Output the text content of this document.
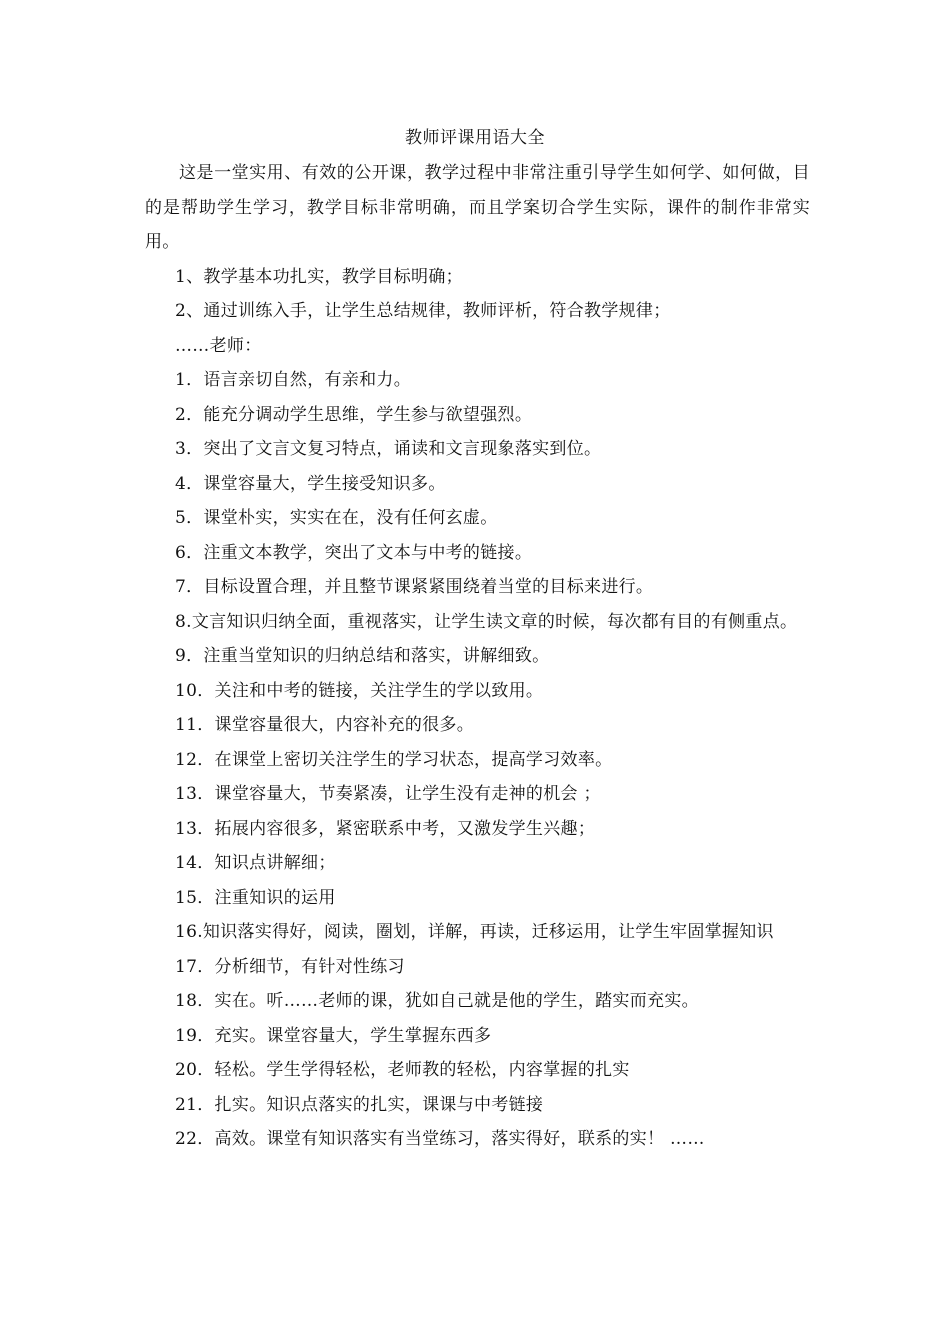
教师评课用语大全

这是一堂实用、有效的公开课，教学过程中非常注重引导学生如何学、如何做，目的是帮助学生学习，教学目标非常明确，而且学案切合学生实际，课件的制作非常实用。

1、教学基本功扎实，教学目标明确；

2、通过训练入手，让学生总结规律，教师评析，符合教学规律；

……老师：

1．语言亲切自然，有亲和力。

2．能充分调动学生思维，学生参与欲望强烈。

3．突出了文言文复习特点，诵读和文言现象落实到位。

4．课堂容量大，学生接受知识多。

5．课堂朴实，实实在在，没有任何玄虚。

6．注重文本教学，突出了文本与中考的链接。

7．目标设置合理，并且整节课紧紧围绕着当堂的目标来进行。

8.文言知识归纳全面，重视落实，让学生读文章的时候，每次都有目的有侧重点。

9．注重当堂知识的归纳总结和落实，讲解细致。

10．关注和中考的链接，关注学生的学以致用。

11．课堂容量很大，内容补充的很多。

12．在课堂上密切关注学生的学习状态，提高学习效率。

13．课堂容量大，节奏紧凑，让学生没有走神的机会 ；

13．拓展内容很多，紧密联系中考，又激发学生兴趣；

14．知识点讲解细；

15．注重知识的运用

16.知识落实得好，阅读，圈划，详解，再读，迁移运用，让学生牢固掌握知识

17．分析细节，有针对性练习

18．实在。听……老师的课，犹如自己就是他的学生，踏实而充实。

19．充实。课堂容量大，学生掌握东西多

20．轻松。学生学得轻松，老师教的轻松，内容掌握的扎实

21．扎实。知识点落实的扎实，课课与中考链接

22．高效。课堂有知识落实有当堂练习，落实得好，联系的实！ ……
